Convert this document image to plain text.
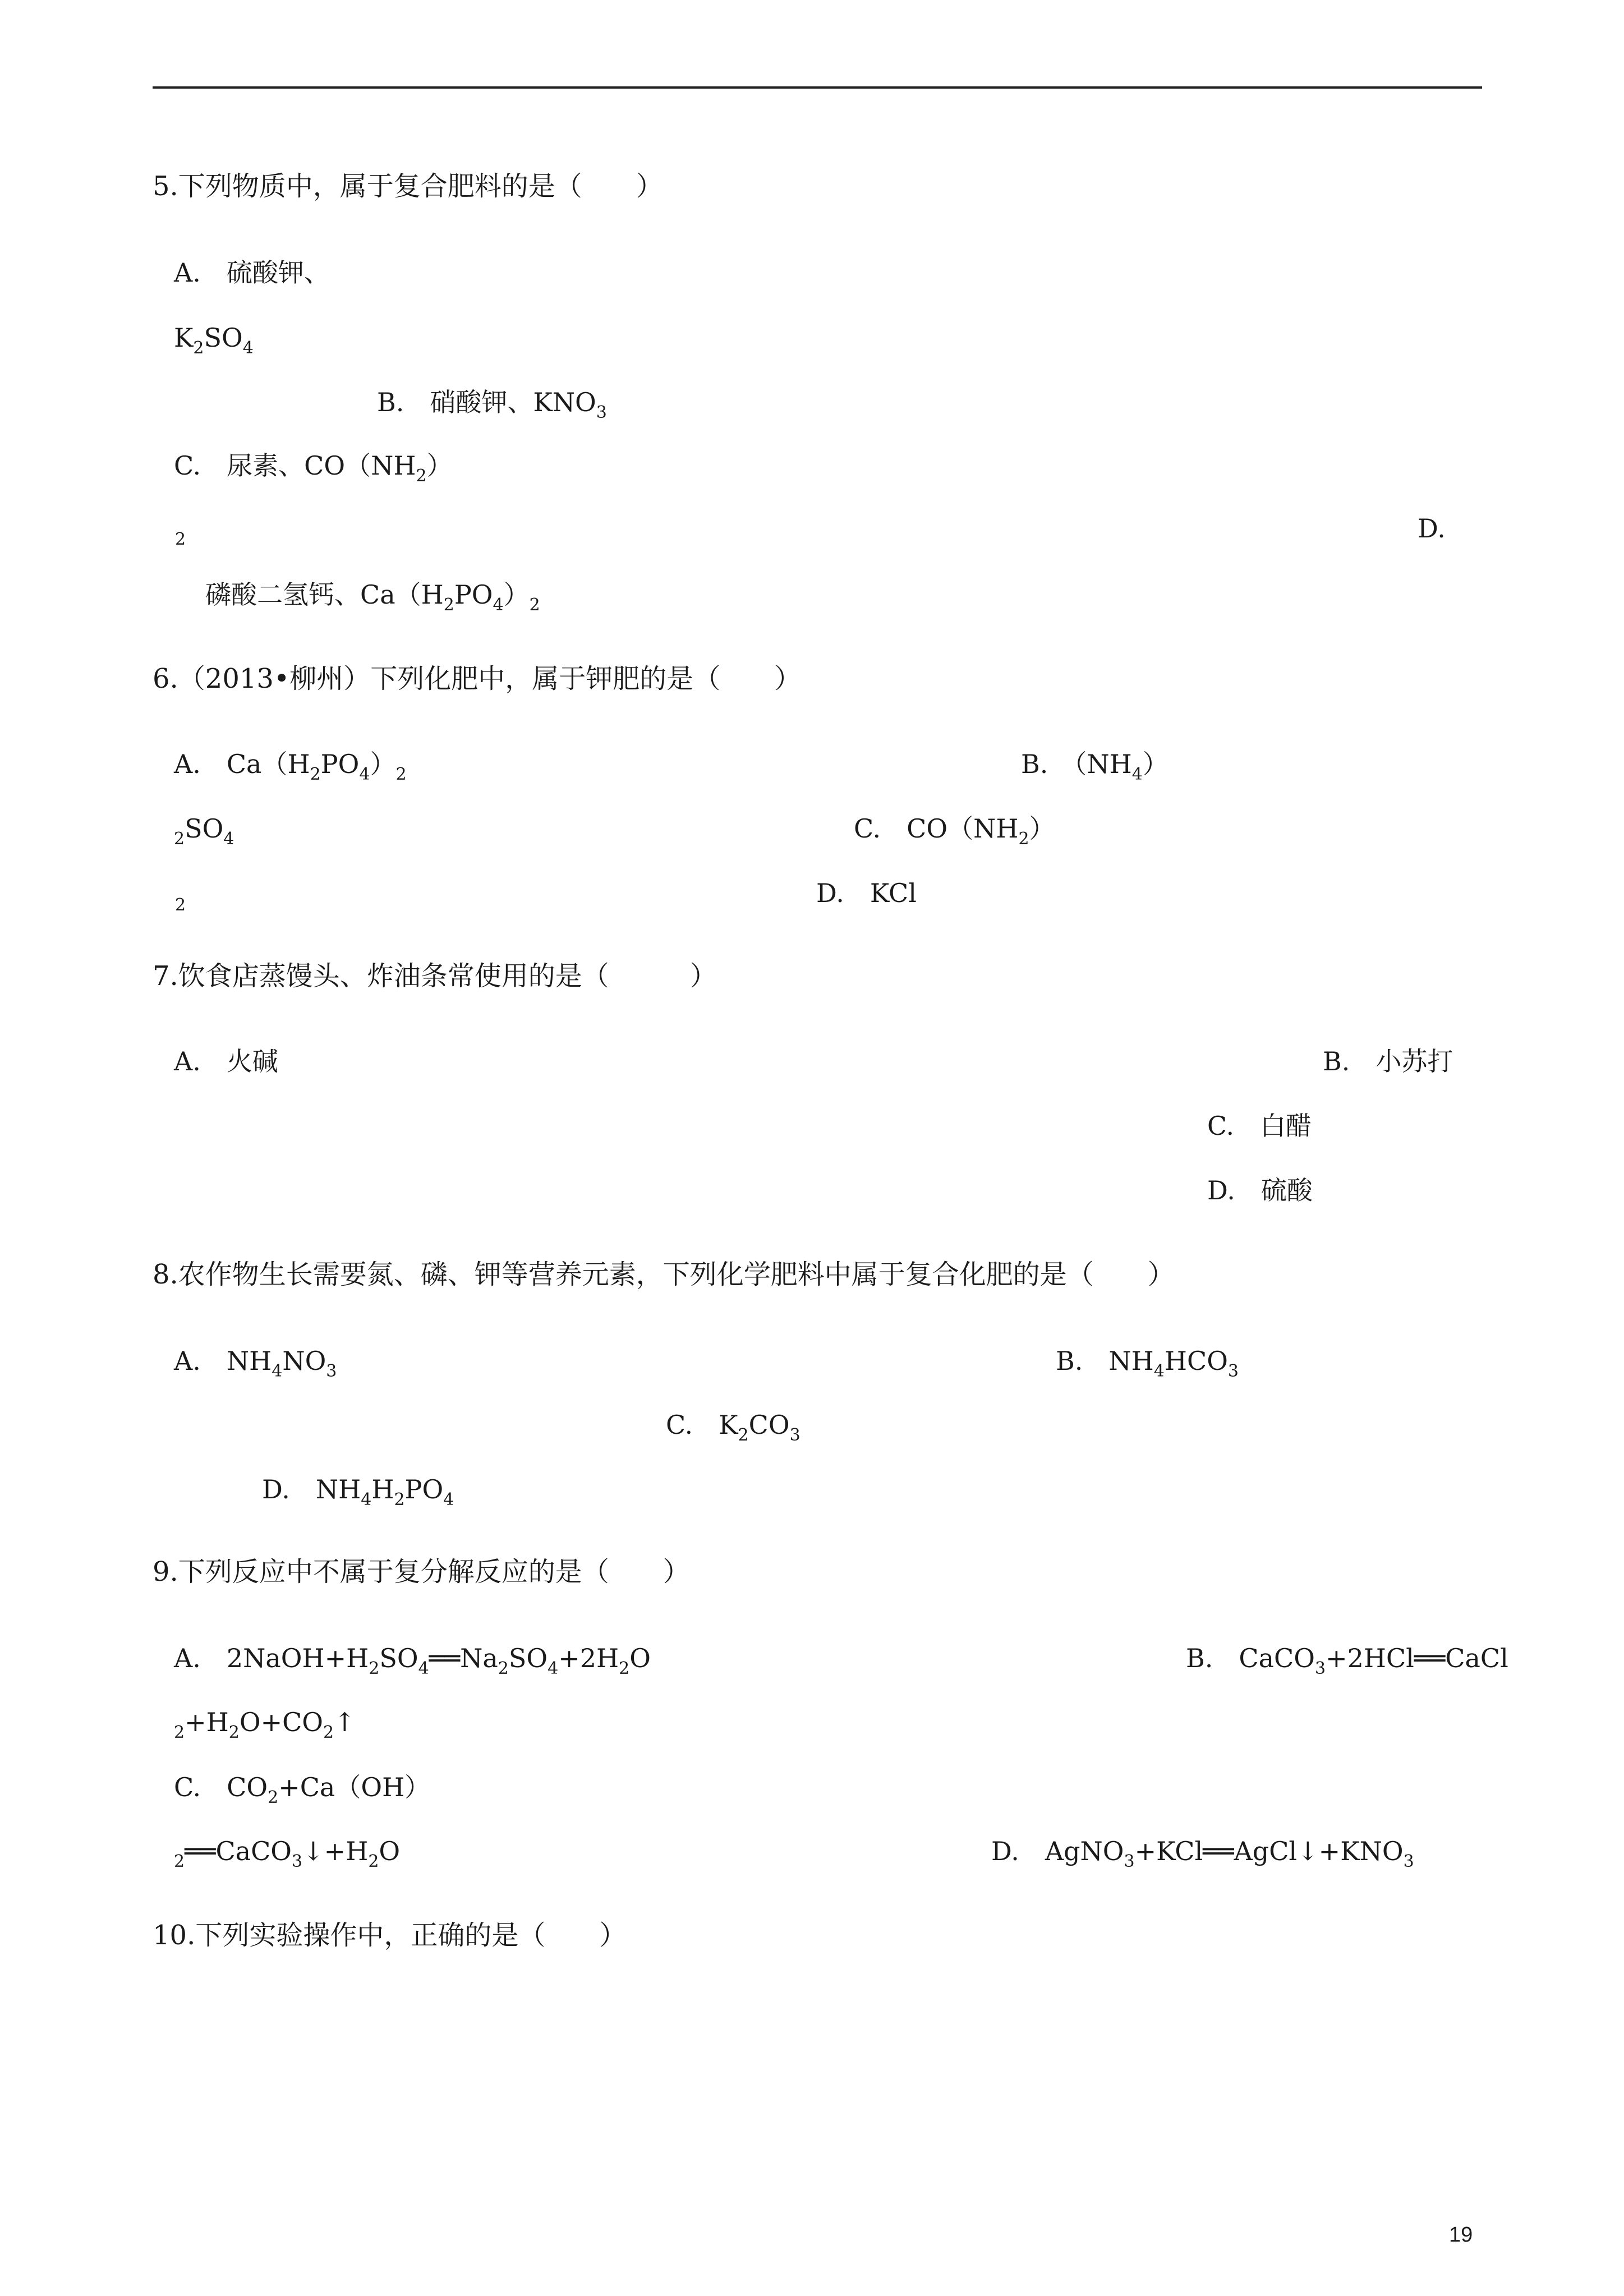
5.下列物质中，属于复合肥料的是（　　）
A.　硫酸钾、
$K_2SO_4$
B.　硝酸钾、$KNO_3$
C.　尿素、$CO(NH_2)$
2	D.
磷酸二氢钙、$Ca(H_2PO_4)_2$
6.（2013•柳州）下列化肥中，属于钾肥的是（　　）
A.　$Ca(H_2PO_4)_2$	B.　$(NH_4)$
$_2SO_4$	C.　$CO(NH_2)$
2	D.　KCl
7.饮食店蒸馒头、炸油条常使用的是（　　　）
A.　火碱	B.　小苏打
C.　白醋
D.　硫酸
8.农作物生长需要氮、磷、钾等营养元素，下列化学肥料中属于复合化肥的是（　　）
A.　$NH_4NO_3$	B.　$NH_4HCO_3$
C.　$K_2CO_3$
D.　$NH_4H_2PO_4$
9.下列反应中不属于复分解反应的是（　　）
A.　$2NaOH+H_2SO_4══Na_2SO_4+2H_2O$	B.　CaCO$_3$+2HCl══CaCl
$_2+H_2O+CO_2↑$
C.　$CO_2+Ca(OH)$
$_2══CaCO_3↓+H_2O$	D.　$AgNO_3+KCl══AgCl↓+KNO_3$
10.下列实验操作中，正确的是（　　）
19
